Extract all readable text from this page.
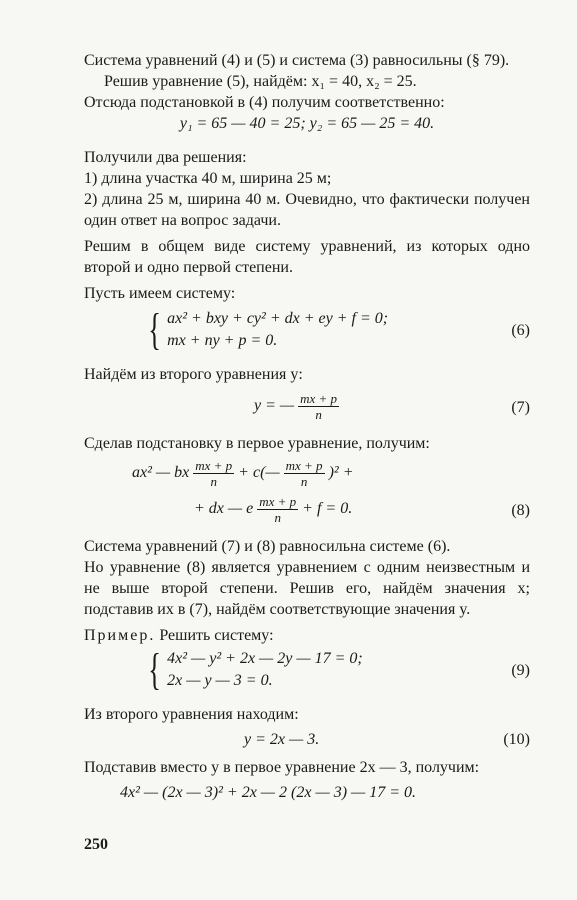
Система уравнений (4) и (5) и система (3) равносильны (§ 79).

Решив уравнение (5), найдём: x₁ = 40, x₂ = 25.

Отсюда подстановкой в (4) получим соответственно:

y₁ = 65 — 40 = 25; y₂ = 65 — 25 = 40.

Получили два решения:

1) длина участка 40 м, ширина 25 м;

2) длина 25 м, ширина 40 м. Очевидно, что фактически получен один ответ на вопрос задачи.

Решим в общем виде систему уравнений, из которых одно второй и одно первой степени.

Пусть имеем систему:

{ ax² + bxy + cy² + dx + ey + f = 0;
mx + ny + p = 0.
(6)

Найдём из второго уравнения y:

y = — $\frac{mx + p}{n}$	(7)

Сделав подстановку в первое уравнение, получим:

ax² — bx $\frac{mx + p}{n}$ + c(— $\frac{mx + p}{n} )^2$ +
+ dx — e $\frac{mx + p}{n} + f = 0$.	(8)

Система уравнений (7) и (8) равносильна системе (6).

Но уравнение (8) является уравнением с одним неизвестным и не выше второй степени. Решив его, найдём значения x; подставив их в (7), найдём соответствующие значения y.

Пример. Решить систему:

{ 4x² — y² + 2x — 2y — 17 = 0;
2x — y — 3 = 0.
(9)

Из второго уравнения находим:

y = 2x — 3.	(10)

Подставив вместо y в первое уравнение 2x — 3, получим:

4x² — (2x — 3)² + 2x — 2 (2x — 3) — 17 = 0.

250
